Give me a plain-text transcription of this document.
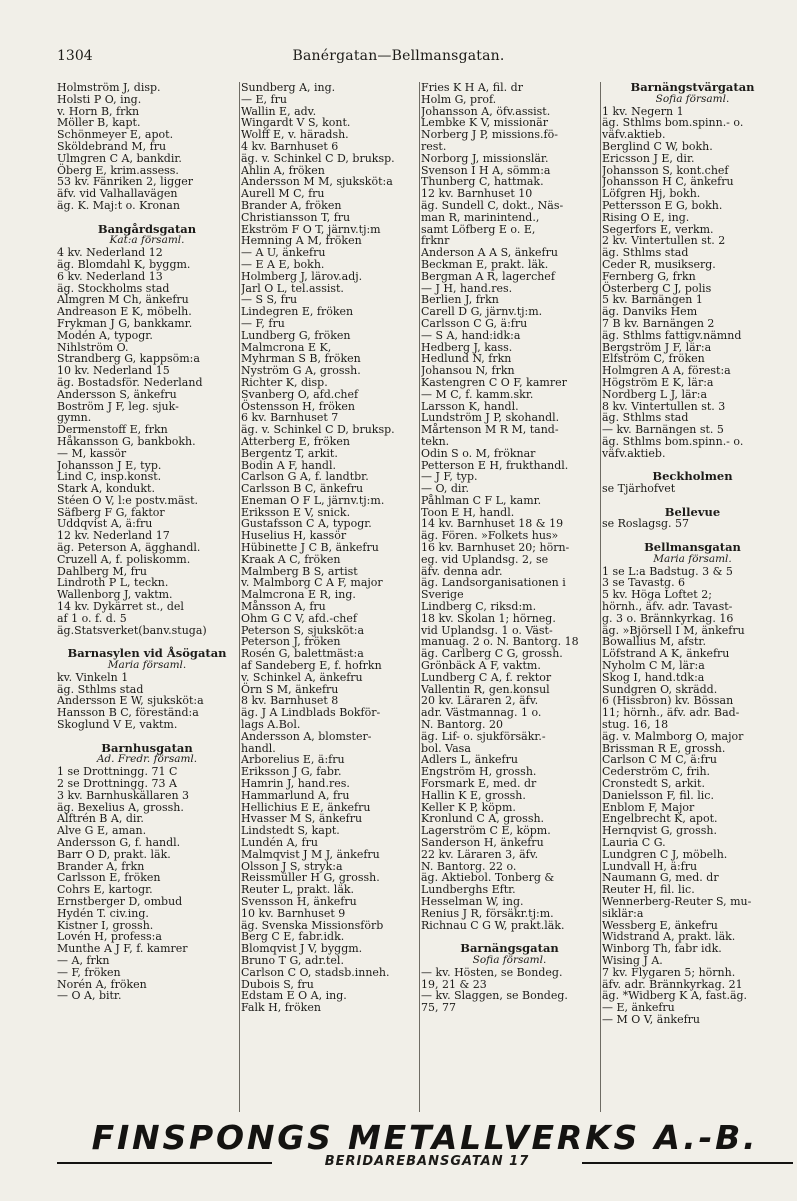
1304	Banérgatan—Bellmansgatan.
Holmström J, disp.
Holsti P O, ing.
v. Horn B, frkn
Möller B, kapt.
Schönmeyer E, apot.
Sköldebrand M, fru
Ulmgren C A, bankdir.
Öberg E, krim.assess.
53 kv. Fänriken 2, ligger
äfv. vid Valhallavägen
äg. K. Maj:t o. Kronan

Bangårdsgatan
Kat:a församl.
4 kv. Nederland 12
äg. Blomdahl K, byggm.
6 kv. Nederland 13
äg. Stockholms stad
Almgren M Ch, änkefru
Andreason E K, möbelh.
Frykman J G, bankkamr.
Modén A, typogr.
Nihlström O.
Strandberg G, kappsöm:a
10 kv. Nederland 15
äg. Bostadsför. Nederland
Andersson S, änkefru
Boström J F, leg. sjuk-
gymn.
Dermenstoff E, frkn
Håkansson G, bankbokh.
— M, kassör
Johansson J E, typ.
Lind C, insp.konst.
Stark A, kondukt.
Stéen O V, l:e postv.mäst.
Säfberg F G, faktor
Uddqvist A, ä:fru
12 kv. Nederland 17
äg. Peterson A, ägghandl.
Cruzell A, f. poliskomm.
Dahlberg M, fru
Lindroth P L, teckn.
Wallenborg J, vaktm.
14 kv. Dykärret st., del
af 1 o. f. d. 5
äg.Statsverket(banv.stuga)

Barnasylen vid Åsögatan
Maria församl.
kv. Vinkeln 1
äg. Sthlms stad
Andersson E W, sjuksköt:a
Hansson B C, föreständ:a
Skoglund V E, vaktm.

Barnhusgatan
Ad. Fredr. församl.
1 se Drottningg. 71 C
2 se Drottningg. 73 A
3 kv. Barnhuskällaren 3
äg. Bexelius A, grossh.
Alftrén B A, dir.
Alve G E, aman.
Andersson G, f. handl.
Barr O D, prakt. läk.
Brander A, frkn
Carlsson E, fröken
Cohrs E, kartogr.
Ernstberger D, ombud
Hydén T. civ.ing.
Kistner I, grossh.
Lovén H, profess:a
Munthe A J F, f. kamrer
— A, frkn
— F, fröken
Norén A, fröken
— O A, bitr.
Sundberg A, ing.
— E, fru
Wallin E, adv.
Wingardt V S, kont.
Wolff E, v. häradsh.
4 kv. Barnhuset 6
äg. v. Schinkel C D, bruksp.
Ahlin A, fröken
Andersson M M, sjuksköt:a
Aurell M C, fru
Brander A, fröken
Christiansson T, fru
Ekström F O T, järnv.tj:m
Hemning A M, fröken
— A U, änkefru
— E A E, bokh.
Holmberg J, lärov.adj.
Jarl O L, tel.assist.
— S S, fru
Lindegren E, fröken
— F, fru
Lundberg G, fröken
Malmcrona E K,
Myhrman S B, fröken
Nyström G A, grossh.
Richter K, disp.
Svanberg O, afd.chef
Östensson H, fröken
6 kv. Barnhuset 7
äg. v. Schinkel C D, bruksp.
Atterberg E, fröken
Bergentz T, arkit.
Bodin A F, handl.
Carlson G A, f. landtbr.
Carlsson B C, änkefru
Eneman O F L, järnv.tj:m.
Eriksson E V, snick.
Gustafsson C A, typogr.
Huselius H, kassör
Hübinette J C B, änkefru
Kraak A C, fröken
Malmberg B S, artist
v. Malmborg C A F, major
Malmcrona E R, ing.
Månsson A, fru
Ohm G C V, afd.-chef
Peterson S, sjuksköt:a
Peterson J, fröken
Rosén G, balettmäst:a
af Sandeberg E, f. hofrkn
v. Schinkel A, änkefru
Örn S M, änkefru
8 kv. Barnhuset 8
äg. J A Lindblads Bokför-
lags A.Bol.
Andersson A, blomster-
handl.
Arborelius E, ä:fru
Eriksson J G, fabr.
Hamrin J, hand.res.
Hammarlund A, fru
Hellichius E E, änkefru
Hvasser M S, änkefru
Lindstedt S, kapt.
Lundén A, fru
Malmqvist J M J, änkefru
Olsson J S, stryk:a
Reissmüller H G, grossh.
Reuter L, prakt. läk.
Svensson H, änkefru
10 kv. Barnhuset 9
äg. Svenska Missionsförb
Berg C E, fabr.idk.
Blomqvist J V, byggm.
Bruno T G, adr.tel.
Carlson C O, stadsb.inneh.
Dubois S, fru
Edstam E O A, ing.
Falk H, fröken
Fries K H A, fil. dr
Holm G, prof.
Johansson A, öfv.assist.
Lembke K V, missionär
Norberg J P, missions.fö-
rest.
Norborg J, missionslär.
Svenson I H A, sömm:a
Thunberg C, hattmak.
12 kv. Barnhuset 10
äg. Sundell C, dokt., Näs-
man R, marinintend.,
samt Löfberg E o. E,
frknr
Anderson A A S, änkefru
Beckman E, prakt. läk.
Bergman A R, lagerchef
— J H, hand.res.
Berlien J, frkn
Carell D G, järnv.tj:m.
Carlsson C G, ä:fru
— S A, hand:idk:a
Hedberg J, kass.
Hedlund N, frkn
Johansou N, frkn
Kastengren C O F, kamrer
— M C, f. kamm.skr.
Larsson K, handl.
Lundström J P, skohandl.
Mårtenson M R M, tand-
tekn.
Odin S o. M, fröknar
Petterson E H, frukthandl.
— J F, typ.
— O, dir.
Påhlman C F L, kamr.
Toon E H, handl.
14 kv. Barnhuset 18 & 19
äg. Fören. »Folkets hus»
16 kv. Barnhuset 20; hörn-
eg. vid Uplandsg. 2, se
äfv. denna adr.
äg. Landsorganisationen i
Sverige
Lindberg C, riksd:m.
18 kv. Skolan 1; hörneg.
vid Uplandsg. 1 o. Väst-
manuag. 2 o. N. Bantorg. 18
äg. Carlberg C G, grossh.
Grönbäck A F, vaktm.
Lundberg C A, f. rektor
Vallentin R, gen.konsul
20 kv. Läraren 2, äfv.
adr. Västmannag. 1 o.
N. Bantorg. 20
äg. Lif- o. sjukförsäkr.-
bol. Vasa
Adlers L, änkefru
Engström H, grossh.
Forsmark E, med. dr
Hallin K E, grossh.
Keller K P, köpm.
Kronlund C A, grossh.
Lagerström C E, köpm.
Sanderson H, änkefru
22 kv. Läraren 3, äfv.
N. Bantorg. 22 o.
äg. Aktiebol. Tonberg &
Lundberghs Eftr.
Hesselman W, ing.
Renius J R, försäkr.tj:m.
Richnau C G W, prakt.läk.

Barnängsgatan
Sofia församl.
— kv. Hösten, se Bondeg.
19, 21 & 23
— kv. Slaggen, se Bondeg.
75, 77
Barnängstvärgatan
Sofia församl.
1 kv. Negern 1
äg. Sthlms bom.spinn.- o.
väfv.aktieb.
Berglind C W, bokh.
Ericsson J E, dir.
Johansson S, kont.chef
Johansson H C, änkefru
Löfgren Hj, bokh.
Pettersson E G, bokh.
Rising O E, ing.
Segerfors E, verkm.
2 kv. Vintertullen st. 2
äg. Sthlms stad
Ceder R, musikserg.
Fernberg G, frkn
Österberg C J, polis
5 kv. Barnängen 1
äg. Danviks Hem
7 B kv. Barnängen 2
äg. Sthlms fattigv.nämnd
Bergström J F, lär:a
Elfström C, fröken
Holmgren A A, förest:a
Högström E K, lär:a
Nordberg L J, lär:a
8 kv. Vintertullen st. 3
äg. Sthlms stad
— kv. Barnängen st. 5
äg. Sthlms bom.spinn.- o.
väfv.aktieb.

Beckholmen
se Tjärhofvet

Bellevue
se Roslagsg. 57

Bellmansgatan
Maria församl.
1 se L:a Badstug. 3 & 5
3 se Tavastg. 6
5 kv. Höga Loftet 2;
hörnh., äfv. adr. Tavast-
g. 3 o. Brännkyrkag. 16
äg. »Björsell I M, änkefru
Bowallius M, afstr.
Löfstrand A K, änkefru
Nyholm C M, lär:a
Skog I, hand.tdk:a
Sundgren O, skrädd.
6 (Hissbron) kv. Bössan
11; hörnh., äfv. adr. Bad-
stug. 16, 18
äg. v. Malmborg O, major
Brissman R E, grossh.
Carlson C M C, ä:fru
Cederström C, frih.
Cronstedt S, arkit.
Danielsson F, fil. lic.
Enblom F, Major
Engelbrecht K, apot.
Hernqvist G, grossh.
Lauria C G.
Lundgren C J, möbelh.
Lundvall H, ä:fru
Naumann G, med. dr
Reuter H, fil. lic.
Wennerberg-Reuter S, mu-
siklär:a
Wessberg E, änkefru
Widstrand A, prakt. läk.
Winborg Th, fabr idk.
Wising J A.
7 kv. Flygaren 5; hörnh.
äfv. adr. Brännkyrkag. 21
äg. *Widberg K A, fast.äg.
— E, änkefru
— M O V, änkefru
FINSPONGS METALLVERKS A.-B.
BERIDAREBANSGATAN 17
